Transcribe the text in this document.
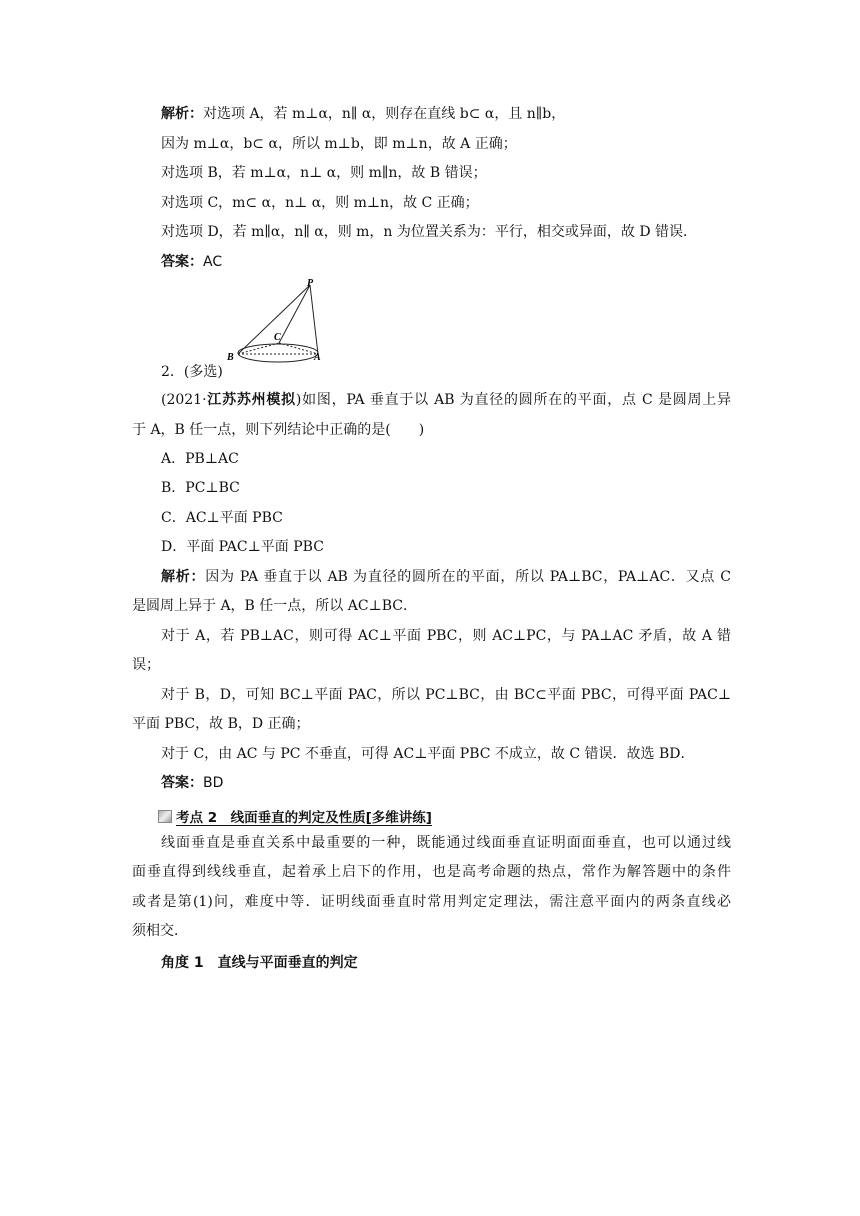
解析：对选项 A，若 m⊥α，n∥ α，则存在直线 b⊂ α，且 n∥b，
因为 m⊥α，b⊂ α，所以 m⊥b，即 m⊥n，故 A 正确；
对选项 B，若 m⊥α，n⊥ α，则 m∥n，故 B 错误；
对选项 C，m⊂ α，n⊥ α，则 m⊥n，故 C 正确；
对选项 D，若 m∥α，n∥ α，则 m，n 为位置关系为：平行，相交或异面，故 D 错误．
答案：AC
P
C
B	A
2．(多选)
(2021·江苏苏州模拟)如图，PA 垂直于以 AB 为直径的圆所在的平面，点 C 是圆周上异
于 A，B 任一点，则下列结论中正确的是(　　)
A．PB⊥AC
B．PC⊥BC
C．AC⊥平面 PBC
D．平面 PAC⊥平面 PBC
解析：因为 PA 垂直于以 AB 为直径的圆所在的平面，所以 PA⊥BC，PA⊥AC．又点 C
是圆周上异于 A，B 任一点，所以 AC⊥BC．
对于 A，若 PB⊥AC，则可得 AC⊥平面 PBC，则 AC⊥PC，与 PA⊥AC 矛盾，故 A 错
误；
对于 B，D，可知 BC⊥平面 PAC，所以 PC⊥BC，由 BC⊂平面 PBC，可得平面 PAC⊥
平面 PBC，故 B，D 正确；
对于 C，由 AC 与 PC 不垂直，可得 AC⊥平面 PBC 不成立，故 C 错误．故选 BD．
答案：BD
考点 2　线面垂直的判定及性质[多维讲练]
线面垂直是垂直关系中最重要的一种，既能通过线面垂直证明面面垂直，也可以通过线
面垂直得到线线垂直，起着承上启下的作用，也是高考命题的热点，常作为解答题中的条件
或者是第(1)问，难度中等．证明线面垂直时常用判定定理法，需注意平面内的两条直线必
须相交．
角度 1　直线与平面垂直的判定
